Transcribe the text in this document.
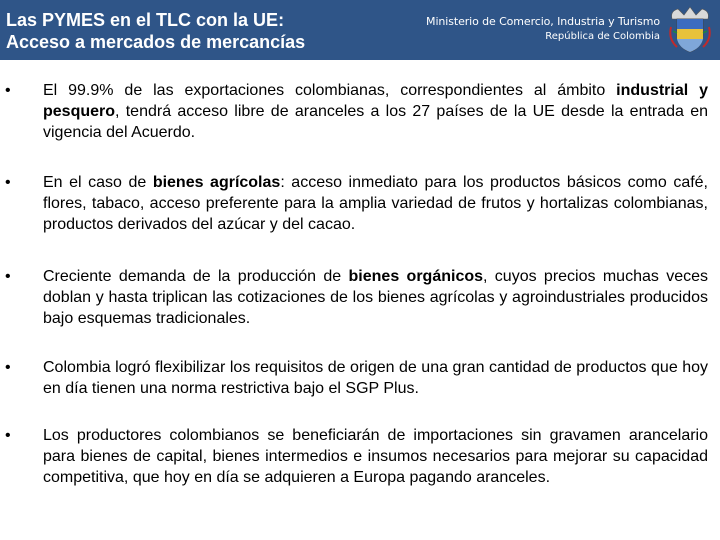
Las PYMES en el TLC con la UE:
Acceso a mercados de mercancías
Ministerio de Comercio, Industria y Turismo
República de Colombia
• El 99.9% de las exportaciones colombianas, correspondientes al ámbito industrial y pesquero, tendrá acceso libre de aranceles a los 27 países de la UE desde la entrada en vigencia del Acuerdo.
• En el caso de bienes agrícolas: acceso inmediato para los productos básicos como café, flores, tabaco, acceso preferente para la amplia variedad de frutos y hortalizas colombianas, productos derivados del azúcar y del cacao.
• Creciente demanda de la producción de bienes orgánicos, cuyos precios muchas veces doblan y hasta triplican las cotizaciones de los bienes agrícolas y agroindustriales producidos bajo esquemas tradicionales.
• Colombia logró flexibilizar los requisitos de origen de una gran cantidad de productos que hoy en día tienen una norma restrictiva bajo el SGP Plus.
• Los productores colombianos se beneficiarán de importaciones sin gravamen arancelario para bienes de capital, bienes intermedios e insumos necesarios para mejorar su capacidad competitiva, que hoy en día se adquieren a Europa pagando aranceles.
